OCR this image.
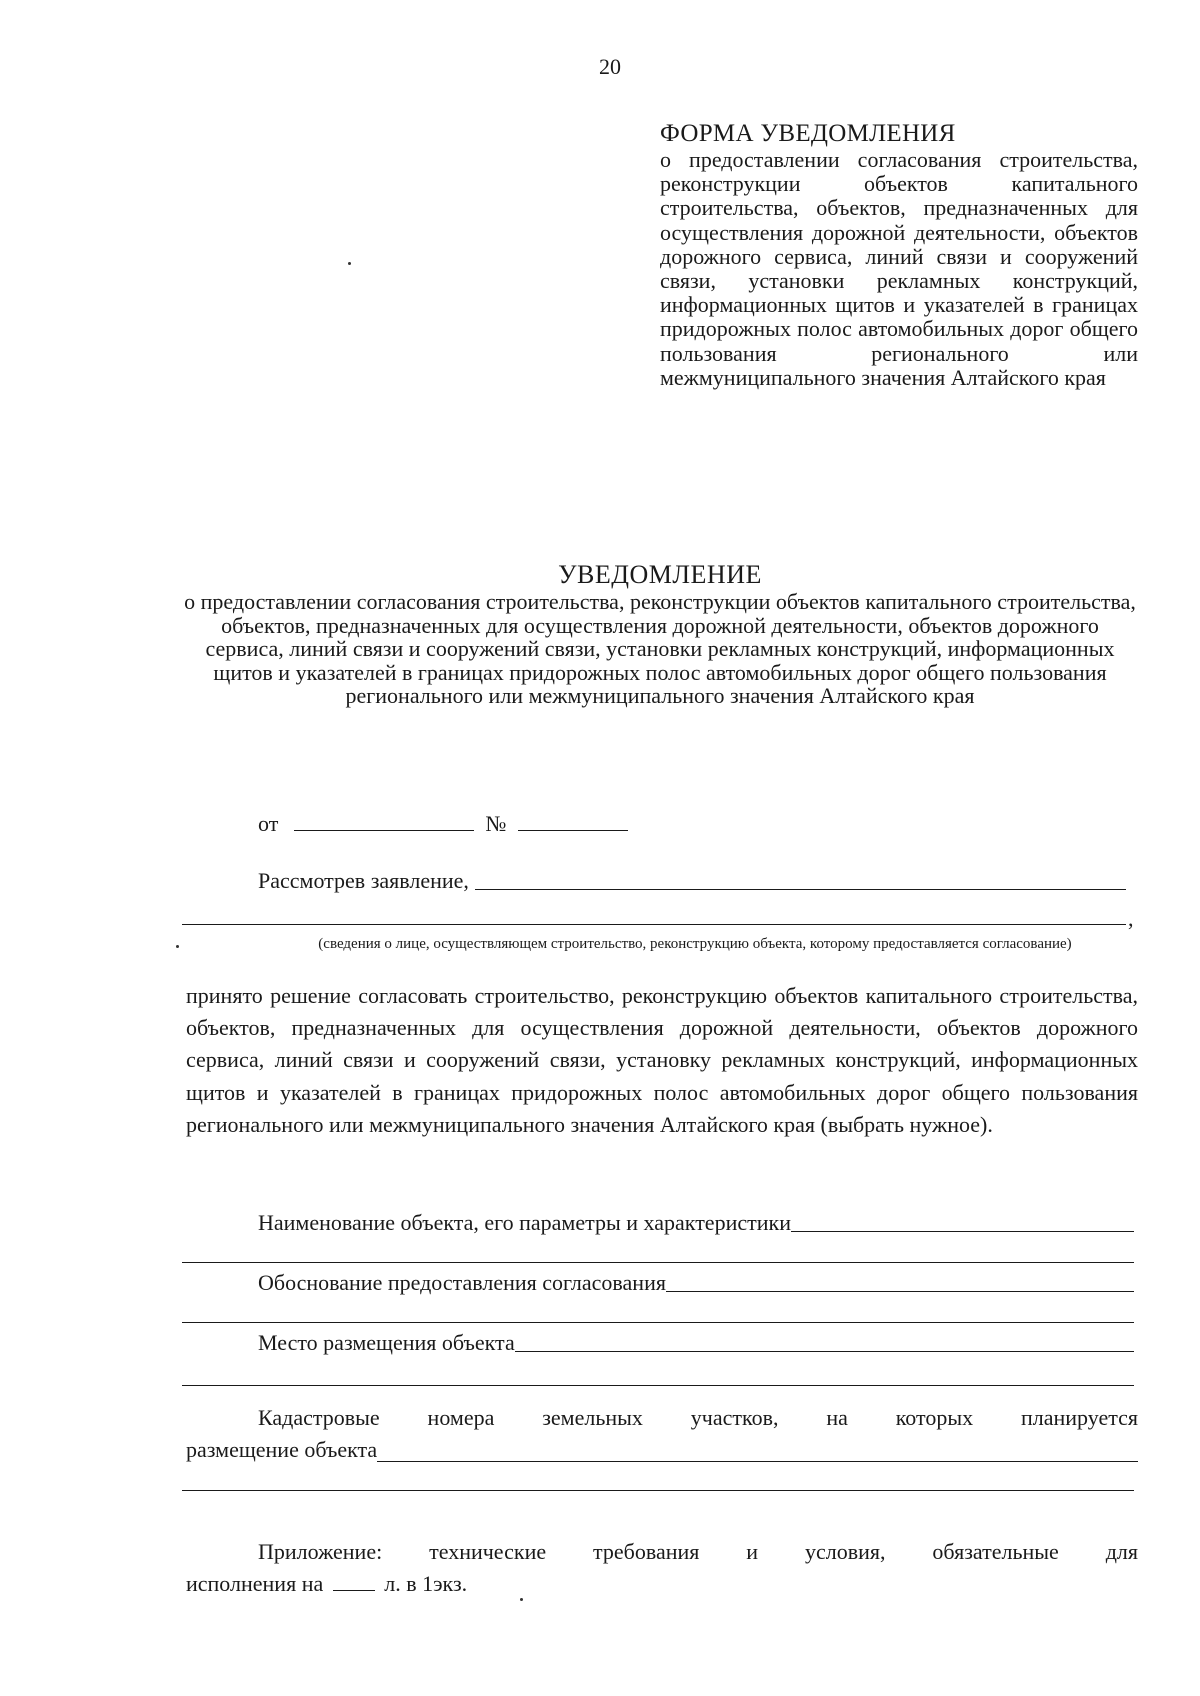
20
ФОРМА УВЕДОМЛЕНИЯ
о предоставлении согласования строительства, реконструкции объектов капитального строительства, объектов, предназначенных для осуществления дорожной деятельности, объектов дорожного сервиса, линий связи и сооружений связи, установки рекламных конструкций, информационных щитов и указателей в границах придорожных полос автомобильных дорог общего пользования регионального или межмуниципального значения Алтайского края
УВЕДОМЛЕНИЕ
о предоставлении согласования строительства, реконструкции объектов капитального строительства, объектов, предназначенных для осуществления дорожной деятельности, объектов дорожного сервиса, линий связи и сооружений связи, установки рекламных конструкций, информационных щитов и указателей в границах придорожных полос автомобильных дорог общего пользования регионального или межмуниципального значения Алтайского края
от	№
Рассмотрев заявление,
,
(сведения о лице, осуществляющем строительство, реконструкцию объекта, которому предоставляется согласование)
принято решение согласовать строительство, реконструкцию объектов капитального строительства, объектов, предназначенных для осуществления дорожной деятельности, объектов дорожного сервиса, линий связи и сооружений связи, установку рекламных конструкций, информационных щитов и указателей в границах придорожных полос автомобильных дорог общего пользования регионального или межмуниципального значения Алтайского края (выбрать нужное).
Наименование объекта, его параметры и характеристики
Обоснование предоставления согласования
Место размещения объекта
Кадастровые номера земельных участков, на которых планируется
размещение объекта
Приложение: технические требования и условия, обязательные для
исполнения на	л. в 1экз.
